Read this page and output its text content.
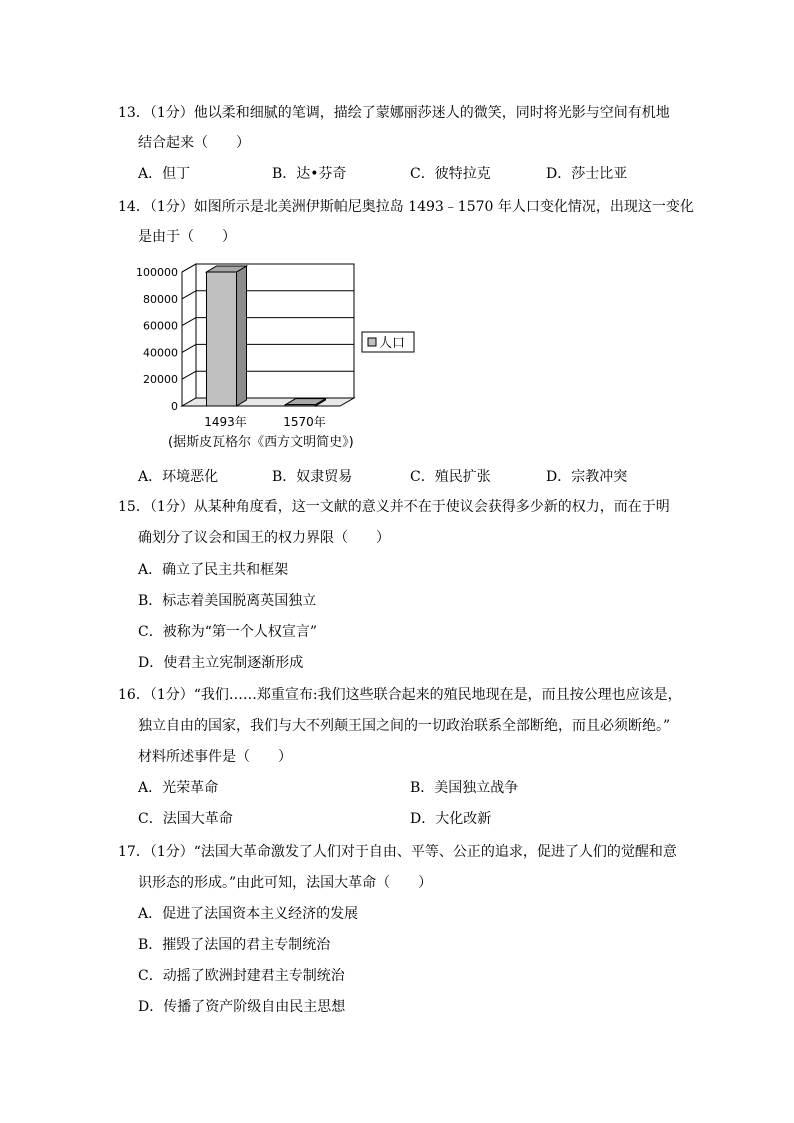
13．（1分）他以柔和细腻的笔调，描绘了蒙娜丽莎迷人的微笑，同时将光影与空间有机地
结合起来（　　）
A．但丁	B．达•芬奇	C．彼特拉克	D．莎士比亚
14．（1分）如图所示是北美洲伊斯帕尼奥拉岛 1493﹣1570 年人口变化情况，出现这一变化
是由于（　　）
100000
80000
60000
40000
20000
0
1493年	1570年
(据斯皮瓦格尔《西方文明简史》)
人口
A．环境恶化	B．奴隶贸易	C．殖民扩张	D．宗教冲突
15．（1分）从某种角度看，这一文献的意义并不在于使议会获得多少新的权力，而在于明
确划分了议会和国王的权力界限（　　）
A．确立了民主共和框架
B．标志着美国脱离英国独立
C．被称为“第一个人权宣言”
D．使君主立宪制逐渐形成
16．（1分）“我们……郑重宣布:我们这些联合起来的殖民地现在是，而且按公理也应该是，
独立自由的国家，我们与大不列颠王国之间的一切政治联系全部断绝，而且必须断绝。”
材料所述事件是（　　）
A．光荣革命	B．美国独立战争
C．法国大革命	D．大化改新
17．（1分）“法国大革命激发了人们对于自由、平等、公正的追求，促进了人们的觉醒和意
识形态的形成。”由此可知，法国大革命（　　）
A．促进了法国资本主义经济的发展
B．摧毁了法国的君主专制统治
C．动摇了欧洲封建君主专制统治
D．传播了资产阶级自由民主思想
